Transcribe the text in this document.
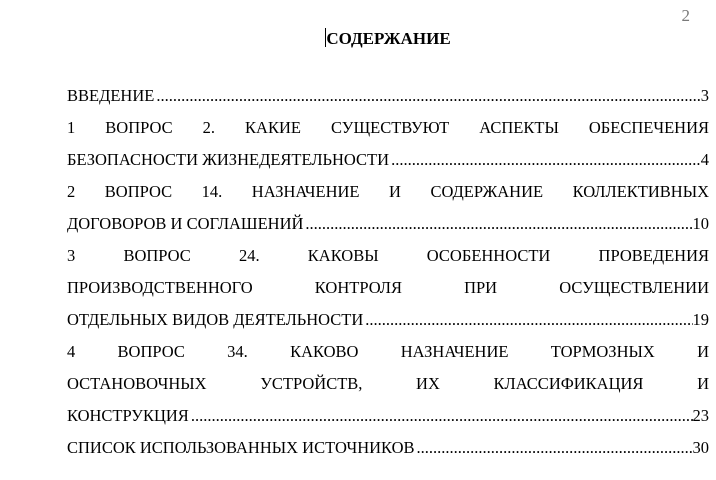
2
СОДЕРЖАНИЕ
ВВЕДЕНИЕ .....	3
1 ВОПРОС 2. КАКИЕ СУЩЕСТВУЮТ АСПЕКТЫ ОБЕСПЕЧЕНИЯ
БЕЗОПАСНОСТИ ЖИЗНЕДЕЯТЕЛЬНОСТИ .....	4
2 ВОПРОС 14. НАЗНАЧЕНИЕ И СОДЕРЖАНИЕ КОЛЛЕКТИВНЫХ
ДОГОВОРОВ И СОГЛАШЕНИЙ .....	10
3 ВОПРОС 24. КАКОВЫ ОСОБЕННОСТИ ПРОВЕДЕНИЯ
ПРОИЗВОДСТВЕННОГО КОНТРОЛЯ ПРИ ОСУЩЕСТВЛЕНИИ
ОТДЕЛЬНЫХ ВИДОВ ДЕЯТЕЛЬНОСТИ .....	19
4 ВОПРОС 34. КАКОВО НАЗНАЧЕНИЕ ТОРМОЗНЫХ И
ОСТАНОВОЧНЫХ УСТРОЙСТВ, ИХ КЛАССИФИКАЦИЯ И
КОНСТРУКЦИЯ .....	23
СПИСОК ИСПОЛЬЗОВАННЫХ ИСТОЧНИКОВ .....	30
